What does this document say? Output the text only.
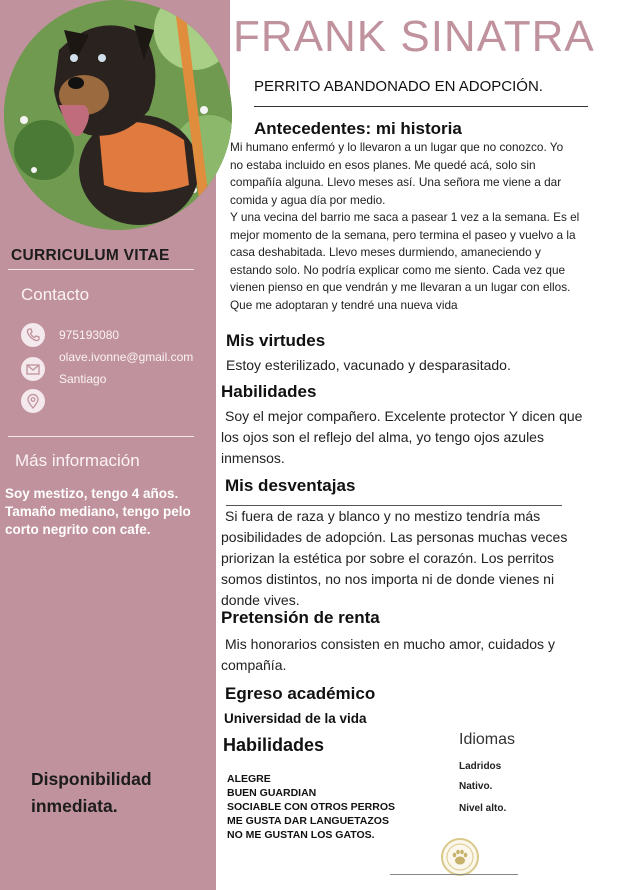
CURRICULUM VITAE
Contacto
975193080
olave.ivonne@gmail.com
Santiago
Más información
Soy mestizo, tengo 4 años. Tamaño mediano, tengo pelo corto negrito con cafe.
Disponibilidad inmediata.
FRANK SINATRA
PERRITO ABANDONADO EN ADOPCIÓN.
Antecedentes: mi historia
Mi humano enfermó y lo llevaron a un lugar que no conozco. Yo
no estaba incluido en esos planes. Me quedé acá, solo sin
compañía alguna. Llevo meses así. Una señora me viene a dar
comida y agua día por medio.
Y una vecina del barrio me saca a pasear 1 vez a la semana. Es el
mejor momento de la semana, pero termina el paseo y vuelvo a la
casa deshabitada. Llevo meses durmiendo, amaneciendo y
estando solo. No podría explicar como me siento. Cada vez que
vienen pienso en que vendrán y me llevaran a un lugar con ellos.
Que me adoptaran y tendré una nueva vida
Mis virtudes
Estoy esterilizado, vacunado y desparasitado.
Habilidades
Soy el mejor compañero. Excelente protector Y dicen que
los ojos son el reflejo del alma, yo tengo ojos azules
inmensos.
Mis desventajas
Si fuera de raza y blanco y no mestizo tendría más
posibilidades de adopción. Las personas muchas veces
priorizan la estética por sobre el corazón. Los perritos
somos distintos, no nos importa ni de donde vienes ni
donde vives.
Pretensión de renta
Mis honorarios consisten en mucho amor, cuidados y
compañía.
Egreso académico
Universidad de la vida
Habilidades
ALEGRE
BUEN GUARDIAN
SOCIABLE CON OTROS PERROS
ME GUSTA DAR LANGUETAZOS
NO ME GUSTAN LOS GATOS.
Idiomas
Ladridos
Nativo.
Nivel alto.
